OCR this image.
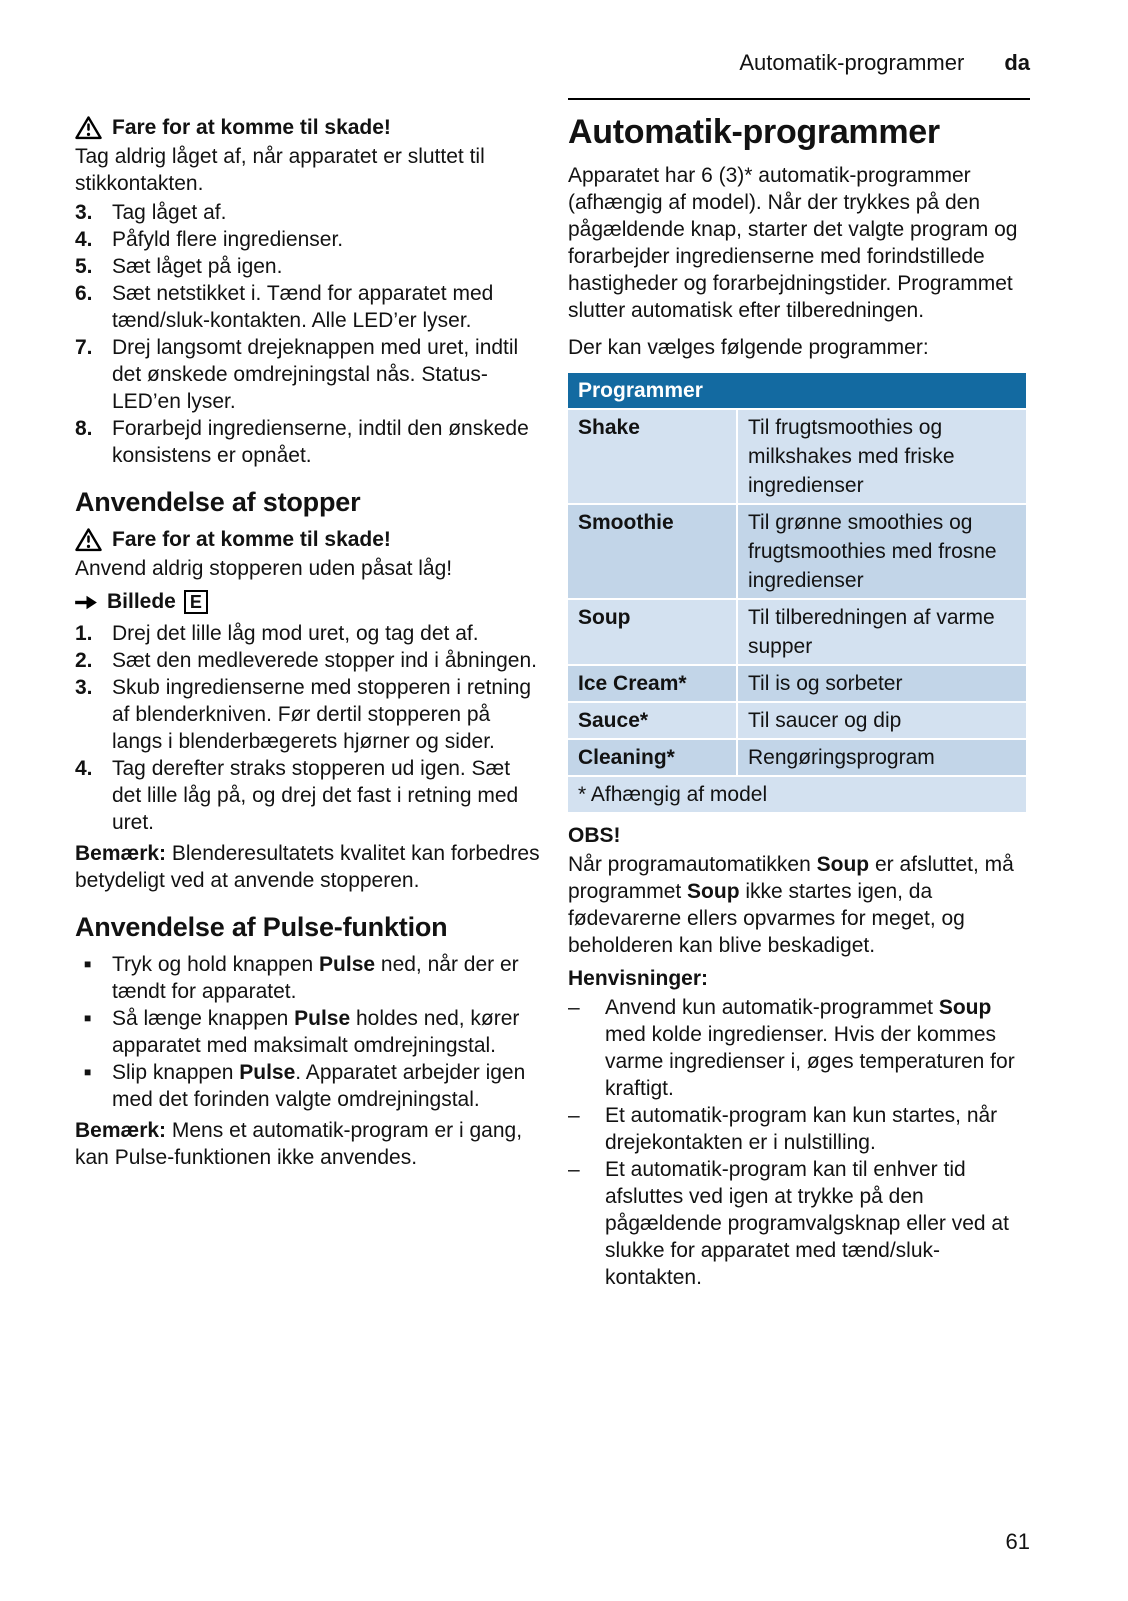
Automatik-programmer da
Fare for at komme til skade!

Tag aldrig låget af, når apparatet er sluttet til stikkontakten.

3. Tag låget af.
4. Påfyld flere ingredienser.
5. Sæt låget på igen.
6. Sæt netstikket i. Tænd for apparatet med tænd/sluk-kontakten. Alle LED’er lyser.
7. Drej langsomt drejeknappen med uret, indtil det ønskede omdrejningstal nås. Status-LED’en lyser.
8. Forarbejd ingredienserne, indtil den ønskede konsistens er opnået.
Anvendelse af stopper
Fare for at komme til skade!

Anvend aldrig stopperen uden påsat låg!

Billede E
1. Drej det lille låg mod uret, og tag det af.
2. Sæt den medleverede stopper ind i åbningen.
3. Skub ingredienserne med stopperen i retning af blenderkniven. Før dertil stopperen på langs i blenderbægerets hjørner og sider.
4. Tag derefter straks stopperen ud igen. Sæt det lille låg på, og drej det fast i retning med uret.

Bemærk: Blenderesultatets kvalitet kan forbedres betydeligt ved at anvende stopperen.

Anvendelse af Pulse-funktion
■ Tryk og hold knappen Pulse ned, når der er tændt for apparatet.
■ Så længe knappen Pulse holdes ned, kører apparatet med maksimalt omdrejningstal.
■ Slip knappen Pulse. Apparatet arbejder igen med det forinden valgte omdrejningstal.

Bemærk: Mens et automatik-program er i gang, kan Pulse-funktionen ikke anvendes.

Automatik-programmer

Apparatet har 6 (3)* automatik-programmer (afhængig af model). Når der trykkes på den pågældende knap, starter det valgte program og forarbejder ingredienserne med forindstillede hastigheder og forarbejdningstider. Programmet slutter automatisk efter tilberedningen.

Der kan vælges følgende programmer:

Programmer	
Shake	Til frugtsmoothies og milkshakes med friske ingredienser
Smoothie	Til grønne smoothies og frugtsmoothies med frosne ingredienser
Soup	Til tilberedningen af varme supper
Ice Cream*	Til is og sorbeter
Sauce*	Til saucer og dip
Cleaning*	Rengøringsprogram
* Afhængig af model	

OBS!

Når programautomatikken Soup er afsluttet, må programmet Soup ikke startes igen, da fødevarerne ellers opvarmes for meget, og beholderen kan blive beskadiget.

Henvisninger:

–	Anvend kun automatik-programmet Soup med kolde ingredienser. Hvis der kommes varme ingredienser i, øges temperaturen for kraftigt.
–	Et automatik-program kan kun startes, når drejekontakten er i nulstilling.
–	Et automatik-program kan til enhver tid afsluttes ved igen at trykke på den pågældende programvalgsknap eller ved at slukke for apparatet med tænd/sluk-kontakten.
61
